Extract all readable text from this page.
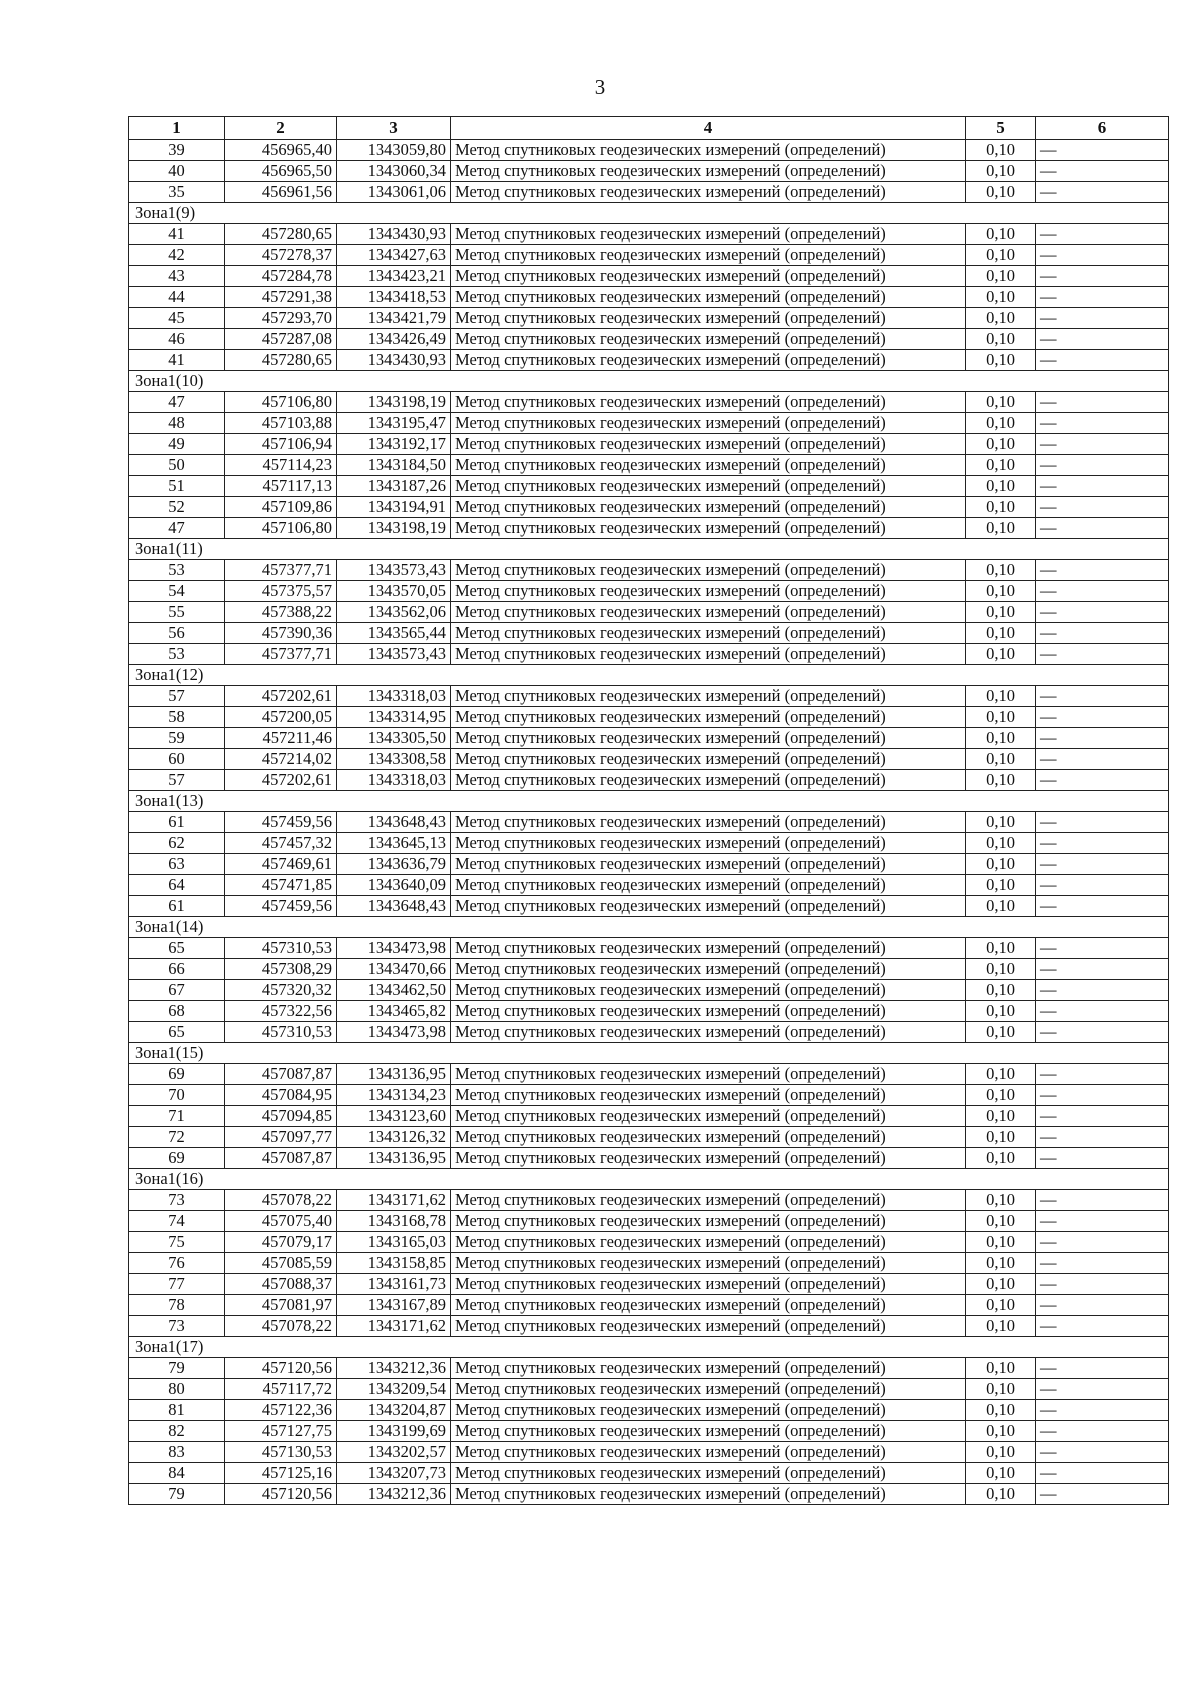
3
1	2	3	4	5	6
39	456965,40	1343059,80	Метод спутниковых геодезических измерений (определений)	0,10	—
40	456965,50	1343060,34	Метод спутниковых геодезических измерений (определений)	0,10	—
35	456961,56	1343061,06	Метод спутниковых геодезических измерений (определений)	0,10	—
Зона1(9)					
41	457280,65	1343430,93	Метод спутниковых геодезических измерений (определений)	0,10	—
42	457278,37	1343427,63	Метод спутниковых геодезических измерений (определений)	0,10	—
43	457284,78	1343423,21	Метод спутниковых геодезических измерений (определений)	0,10	—
44	457291,38	1343418,53	Метод спутниковых геодезических измерений (определений)	0,10	—
45	457293,70	1343421,79	Метод спутниковых геодезических измерений (определений)	0,10	—
46	457287,08	1343426,49	Метод спутниковых геодезических измерений (определений)	0,10	—
41	457280,65	1343430,93	Метод спутниковых геодезических измерений (определений)	0,10	—
Зона1(10)					
47	457106,80	1343198,19	Метод спутниковых геодезических измерений (определений)	0,10	—
48	457103,88	1343195,47	Метод спутниковых геодезических измерений (определений)	0,10	—
49	457106,94	1343192,17	Метод спутниковых геодезических измерений (определений)	0,10	—
50	457114,23	1343184,50	Метод спутниковых геодезических измерений (определений)	0,10	—
51	457117,13	1343187,26	Метод спутниковых геодезических измерений (определений)	0,10	—
52	457109,86	1343194,91	Метод спутниковых геодезических измерений (определений)	0,10	—
47	457106,80	1343198,19	Метод спутниковых геодезических измерений (определений)	0,10	—
Зона1(11)					
53	457377,71	1343573,43	Метод спутниковых геодезических измерений (определений)	0,10	—
54	457375,57	1343570,05	Метод спутниковых геодезических измерений (определений)	0,10	—
55	457388,22	1343562,06	Метод спутниковых геодезических измерений (определений)	0,10	—
56	457390,36	1343565,44	Метод спутниковых геодезических измерений (определений)	0,10	—
53	457377,71	1343573,43	Метод спутниковых геодезических измерений (определений)	0,10	—
Зона1(12)					
57	457202,61	1343318,03	Метод спутниковых геодезических измерений (определений)	0,10	—
58	457200,05	1343314,95	Метод спутниковых геодезических измерений (определений)	0,10	—
59	457211,46	1343305,50	Метод спутниковых геодезических измерений (определений)	0,10	—
60	457214,02	1343308,58	Метод спутниковых геодезических измерений (определений)	0,10	—
57	457202,61	1343318,03	Метод спутниковых геодезических измерений (определений)	0,10	—
Зона1(13)					
61	457459,56	1343648,43	Метод спутниковых геодезических измерений (определений)	0,10	—
62	457457,32	1343645,13	Метод спутниковых геодезических измерений (определений)	0,10	—
63	457469,61	1343636,79	Метод спутниковых геодезических измерений (определений)	0,10	—
64	457471,85	1343640,09	Метод спутниковых геодезических измерений (определений)	0,10	—
61	457459,56	1343648,43	Метод спутниковых геодезических измерений (определений)	0,10	—
Зона1(14)					
65	457310,53	1343473,98	Метод спутниковых геодезических измерений (определений)	0,10	—
66	457308,29	1343470,66	Метод спутниковых геодезических измерений (определений)	0,10	—
67	457320,32	1343462,50	Метод спутниковых геодезических измерений (определений)	0,10	—
68	457322,56	1343465,82	Метод спутниковых геодезических измерений (определений)	0,10	—
65	457310,53	1343473,98	Метод спутниковых геодезических измерений (определений)	0,10	—
Зона1(15)					
69	457087,87	1343136,95	Метод спутниковых геодезических измерений (определений)	0,10	—
70	457084,95	1343134,23	Метод спутниковых геодезических измерений (определений)	0,10	—
71	457094,85	1343123,60	Метод спутниковых геодезических измерений (определений)	0,10	—
72	457097,77	1343126,32	Метод спутниковых геодезических измерений (определений)	0,10	—
69	457087,87	1343136,95	Метод спутниковых геодезических измерений (определений)	0,10	—
Зона1(16)					
73	457078,22	1343171,62	Метод спутниковых геодезических измерений (определений)	0,10	—
74	457075,40	1343168,78	Метод спутниковых геодезических измерений (определений)	0,10	—
75	457079,17	1343165,03	Метод спутниковых геодезических измерений (определений)	0,10	—
76	457085,59	1343158,85	Метод спутниковых геодезических измерений (определений)	0,10	—
77	457088,37	1343161,73	Метод спутниковых геодезических измерений (определений)	0,10	—
78	457081,97	1343167,89	Метод спутниковых геодезических измерений (определений)	0,10	—
73	457078,22	1343171,62	Метод спутниковых геодезических измерений (определений)	0,10	—
Зона1(17)					
79	457120,56	1343212,36	Метод спутниковых геодезических измерений (определений)	0,10	—
80	457117,72	1343209,54	Метод спутниковых геодезических измерений (определений)	0,10	—
81	457122,36	1343204,87	Метод спутниковых геодезических измерений (определений)	0,10	—
82	457127,75	1343199,69	Метод спутниковых геодезических измерений (определений)	0,10	—
83	457130,53	1343202,57	Метод спутниковых геодезических измерений (определений)	0,10	—
84	457125,16	1343207,73	Метод спутниковых геодезических измерений (определений)	0,10	—
79	457120,56	1343212,36	Метод спутниковых геодезических измерений (определений)	0,10	—
